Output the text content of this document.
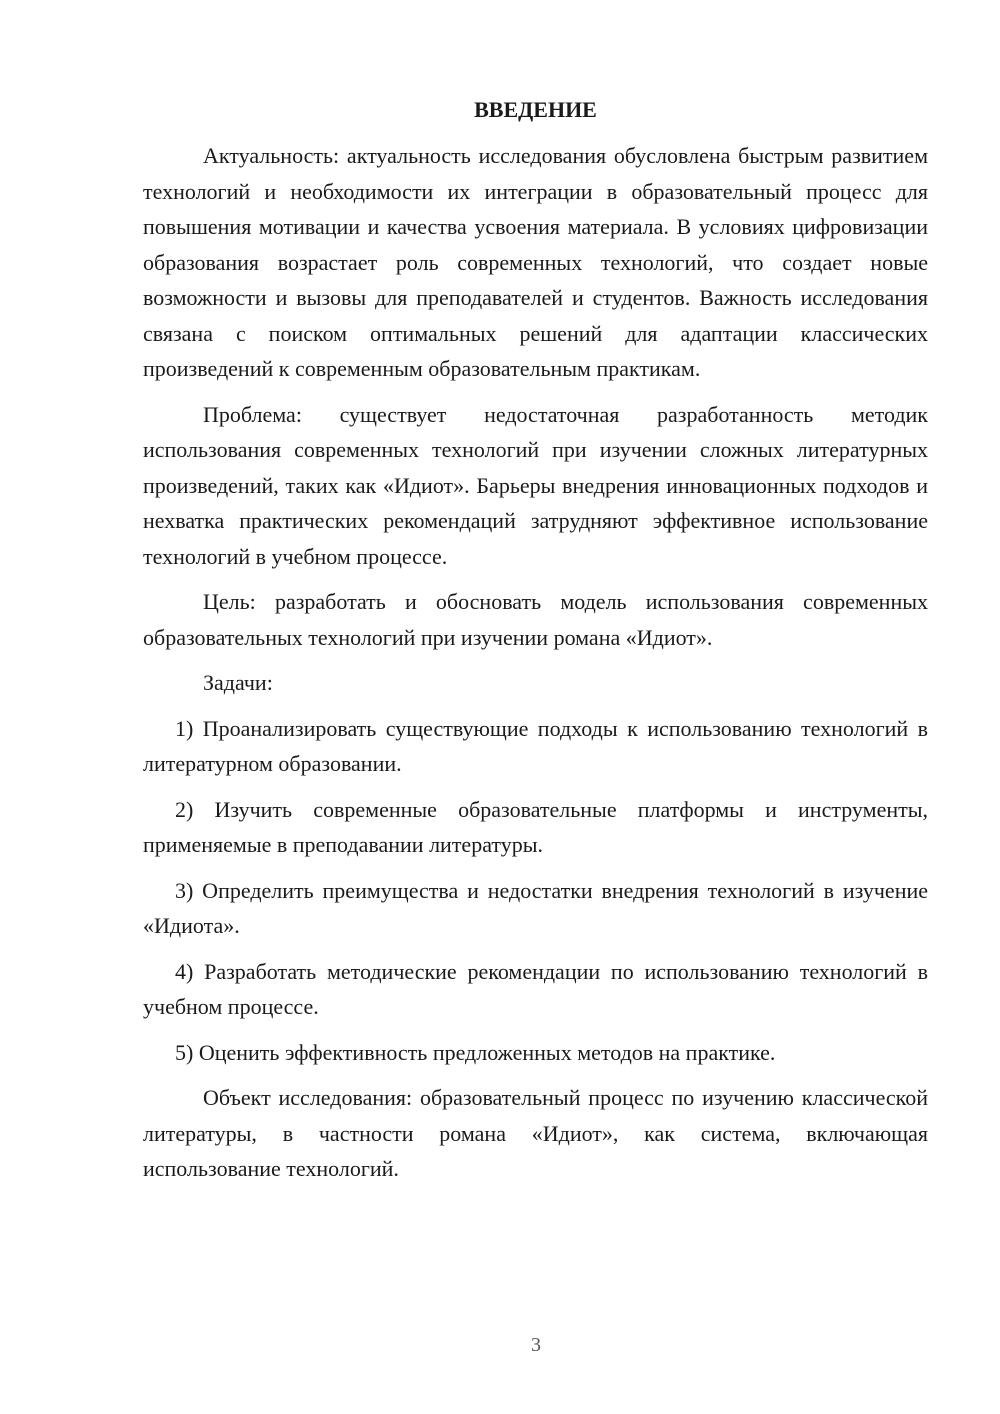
ВВЕДЕНИЕ

Актуальность: актуальность исследования обусловлена быстрым развитием технологий и необходимости их интеграции в образовательный процесс для повышения мотивации и качества усвоения материала. В условиях цифровизации образования возрастает роль современных технологий, что создает новые возможности и вызовы для преподавателей и студентов. Важность исследования связана с поиском оптимальных решений для адаптации классических произведений к современным образовательным практикам.

Проблема: существует недостаточная разработанность методик использования современных технологий при изучении сложных литературных произведений, таких как «Идиот». Барьеры внедрения инновационных подходов и нехватка практических рекомендаций затрудняют эффективное использование технологий в учебном процессе.

Цель: разработать и обосновать модель использования современных образовательных технологий при изучении романа «Идиот».

Задачи:

1) Проанализировать существующие подходы к использованию технологий в литературном образовании.

2) Изучить современные образовательные платформы и инструменты, применяемые в преподавании литературы.

3) Определить преимущества и недостатки внедрения технологий в изучение «Идиота».

4) Разработать методические рекомендации по использованию технологий в учебном процессе.

5) Оценить эффективность предложенных методов на практике.

Объект исследования: образовательный процесс по изучению классической литературы, в частности романа «Идиот», как система, включающая использование технологий.

3
